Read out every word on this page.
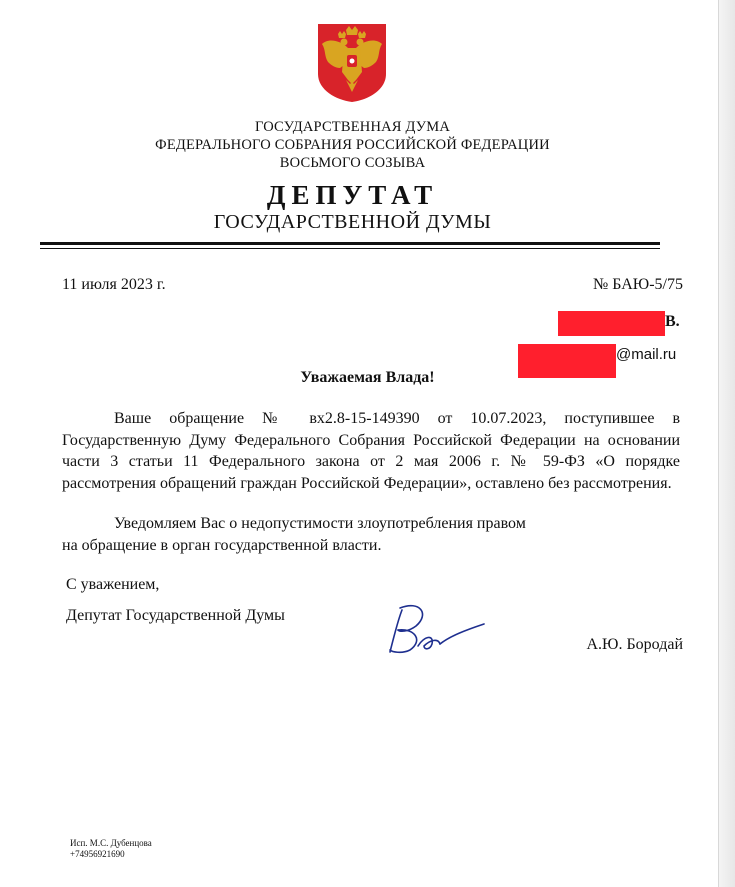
ГОСУДАРСТВЕННАЯ ДУМА
ФЕДЕРАЛЬНОГО СОБРАНИЯ РОССИЙСКОЙ ФЕДЕРАЦИИ
ВОСЬМОГО СОЗЫВА
ДЕПУТАТ
ГОСУДАРСТВЕННОЙ ДУМЫ
11 июля 2023 г.	№ БАЮ-5/75
В.
@mail.ru
Уважаемая Влада!
Ваше обращение № вх2.8-15-149390 от 10.07.2023, поступившее в Государственную Думу Федерального Собрания Российской Федерации на основании части 3 статьи 11 Федерального закона от 2 мая 2006 г. № 59-ФЗ «О порядке рассмотрения обращений граждан Российской Федерации», оставлено без рассмотрения.
Уведомляем Вас о недопустимости злоупотребления правом
на обращение в орган государственной власти.
С уважением,
Депутат Государственной Думы
А.Ю. Бородай
Исп. М.С. Дубенцова
+74956921690
